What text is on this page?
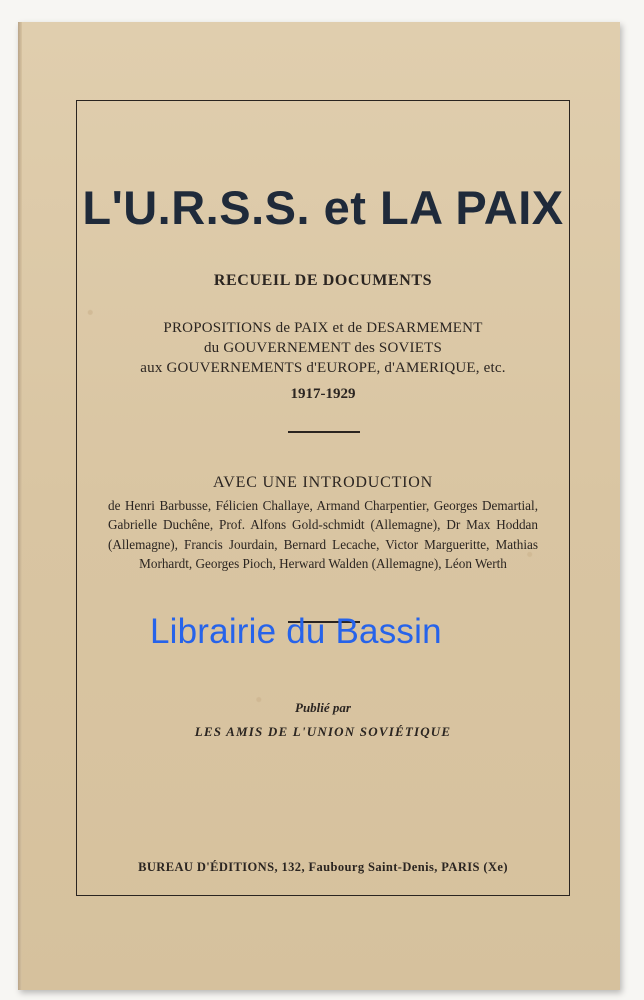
L'U.R.S.S. et LA PAIX
RECUEIL DE DOCUMENTS
PROPOSITIONS de PAIX et de DESARMEMENT
du GOUVERNEMENT des SOVIETS
aux GOUVERNEMENTS d'EUROPE, d'AMERIQUE, etc.
1917-1929
AVEC UNE INTRODUCTION
de Henri Barbusse, Félicien Challaye, Armand Charpentier, Georges Demartial, Gabrielle Duchêne, Prof. Alfons Gold-schmidt (Allemagne), Dr Max Hoddan (Allemagne), Francis Jourdain, Bernard Lecache, Victor Margueritte, Mathias Morhardt, Georges Pioch, Herward Walden (Allemagne), Léon Werth
Librairie du Bassin
Publié par
LES AMIS DE L'UNION SOVIÉTIQUE
BUREAU D'ÉDITIONS, 132, Faubourg Saint-Denis, PARIS (Xe)
